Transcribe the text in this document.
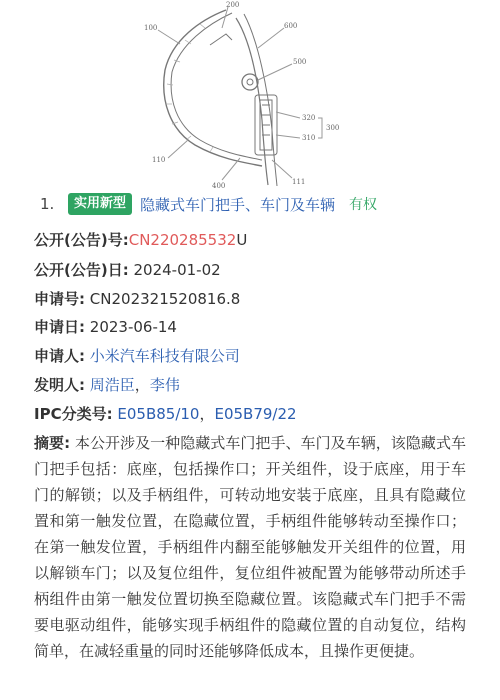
200
100	600
500
320
310
300
110
400	111
1.	实用新型 隐藏式车门把手、车门及车辆 有权
公开(公告)号:CN220285532U
公开(公告)日: 2024-01-02
申请号: CN202321520816.8
申请日: 2023-06-14
申请人: 小米汽车科技有限公司
发明人: 周浩臣，李伟
IPC分类号: E05B85/10，E05B79/22
摘要: 本公开涉及一种隐藏式车门把手、车门及车辆，该隐藏式车门把手包括：底座，包括操作口；开关组件，设于底座，用于车门的解锁；以及手柄组件，可转动地安装于底座，且具有隐藏位置和第一触发位置，在隐藏位置，手柄组件能够转动至操作口；在第一触发位置，手柄组件内翻至能够触发开关组件的位置，用以解锁车门；以及复位组件，复位组件被配置为能够带动所述手柄组件由第一触发位置切换至隐藏位置。该隐藏式车门把手不需要电驱动组件，能够实现手柄组件的隐藏位置的自动复位，结构简单，在减轻重量的同时还能够降低成本，且操作更便捷。
